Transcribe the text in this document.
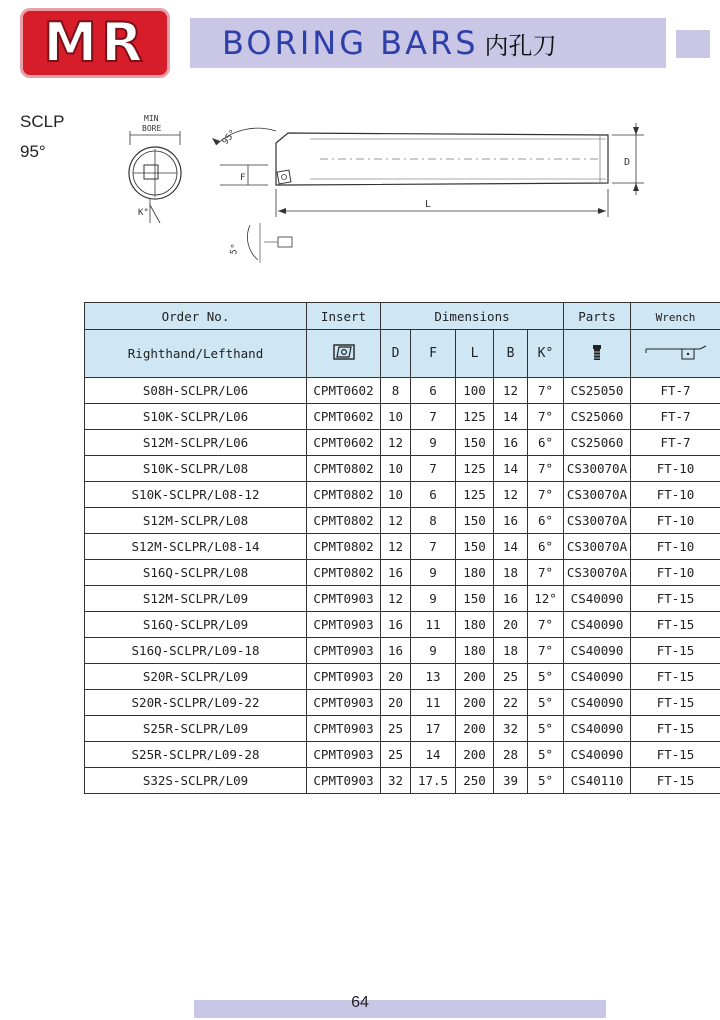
MR BORING BARS 内孔刀
SCLP
95°
MIN
BORE
K°
95°
F
L
D
5°
Order No.	Insert	Dimensions					Parts	Wrench
Righthand/Lefthand		D	F	L	B	K°		
S08H-SCLPR/L06	CPMT0602	8	6	100	12	7°	CS25050	FT-7
S10K-SCLPR/L06	CPMT0602	10	7	125	14	7°	CS25060	FT-7
S12M-SCLPR/L06	CPMT0602	12	9	150	16	6°	CS25060	FT-7
S10K-SCLPR/L08	CPMT0802	10	7	125	14	7°	CS30070A	FT-10
S10K-SCLPR/L08-12	CPMT0802	10	6	125	12	7°	CS30070A	FT-10
S12M-SCLPR/L08	CPMT0802	12	8	150	16	6°	CS30070A	FT-10
S12M-SCLPR/L08-14	CPMT0802	12	7	150	14	6°	CS30070A	FT-10
S16Q-SCLPR/L08	CPMT0802	16	9	180	18	7°	CS30070A	FT-10
S12M-SCLPR/L09	CPMT0903	12	9	150	16	12°	CS40090	FT-15
S16Q-SCLPR/L09	CPMT0903	16	11	180	20	7°	CS40090	FT-15
S16Q-SCLPR/L09-18	CPMT0903	16	9	180	18	7°	CS40090	FT-15
S20R-SCLPR/L09	CPMT0903	20	13	200	25	5°	CS40090	FT-15
S20R-SCLPR/L09-22	CPMT0903	20	11	200	22	5°	CS40090	FT-15
S25R-SCLPR/L09	CPMT0903	25	17	200	32	5°	CS40090	FT-15
S25R-SCLPR/L09-28	CPMT0903	25	14	200	28	5°	CS40090	FT-15
S32S-SCLPR/L09	CPMT0903	32	17.5	250	39	5°	CS40110	FT-15
64
